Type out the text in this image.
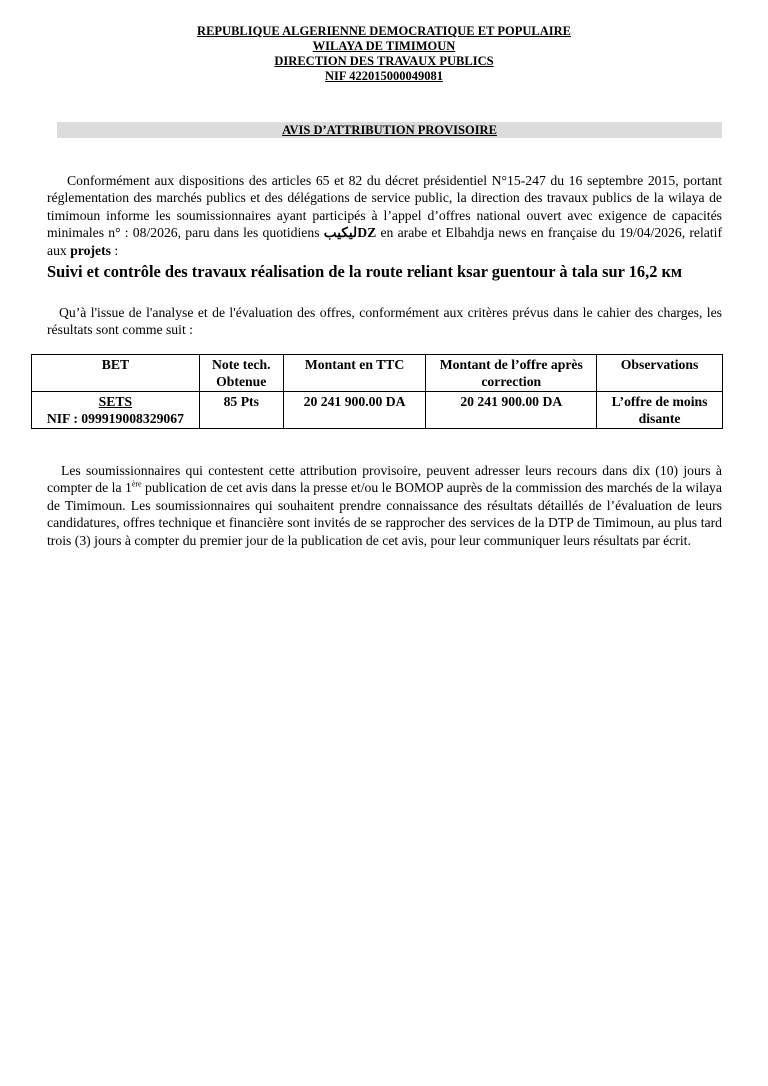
REPUBLIQUE ALGERIENNE DEMOCRATIQUE ET POPULAIRE
WILAYA DE TIMIMOUN
DIRECTION DES TRAVAUX PUBLICS
NIF 422015000049081
AVIS D’ATTRIBUTION PROVISOIRE
Conformément aux dispositions des articles 65 et 82 du décret présidentiel N°15-247 du 16 septembre 2015, portant réglementation des marchés publics et des délégations de service public, la direction des travaux publics de la wilaya de timimoun informe les soumissionnaires ayant participés à l’appel d’offres national ouvert avec exigence de capacités minimales n° : 08/2026, paru dans les quotidiens ليكيبDZ en arabe et Elbahdja news en française du 19/04/2026, relatif aux projets :
Suivi et contrôle des travaux réalisation de la route reliant ksar guentour à tala sur 16,2 км
Qu’à l'issue de l'analyse et de l'évaluation des offres, conformément aux critères prévus dans le cahier des charges, les résultats sont comme suit :
BET	Note tech. Obtenue	Montant en TTC	Montant de l’offre après correction	Observations

SETS
NIF : 099919008329067	85 Pts	20 241 900.00 DA	20 241 900.00 DA	L’offre de moins disante
Les soumissionnaires qui contestent cette attribution provisoire, peuvent adresser leurs recours dans dix (10) jours à compter de la 1ère publication de cet avis dans la presse et/ou le BOMOP auprès de la commission des marchés de la wilaya de Timimoun. Les soumissionnaires qui souhaitent prendre connaissance des résultats détaillés de l’évaluation de leurs candidatures, offres technique et financière sont invités de se rapprocher des services de la DTP de Timimoun, au plus tard trois (3) jours à compter du premier jour de la publication de cet avis, pour leur communiquer leurs résultats par écrit.
